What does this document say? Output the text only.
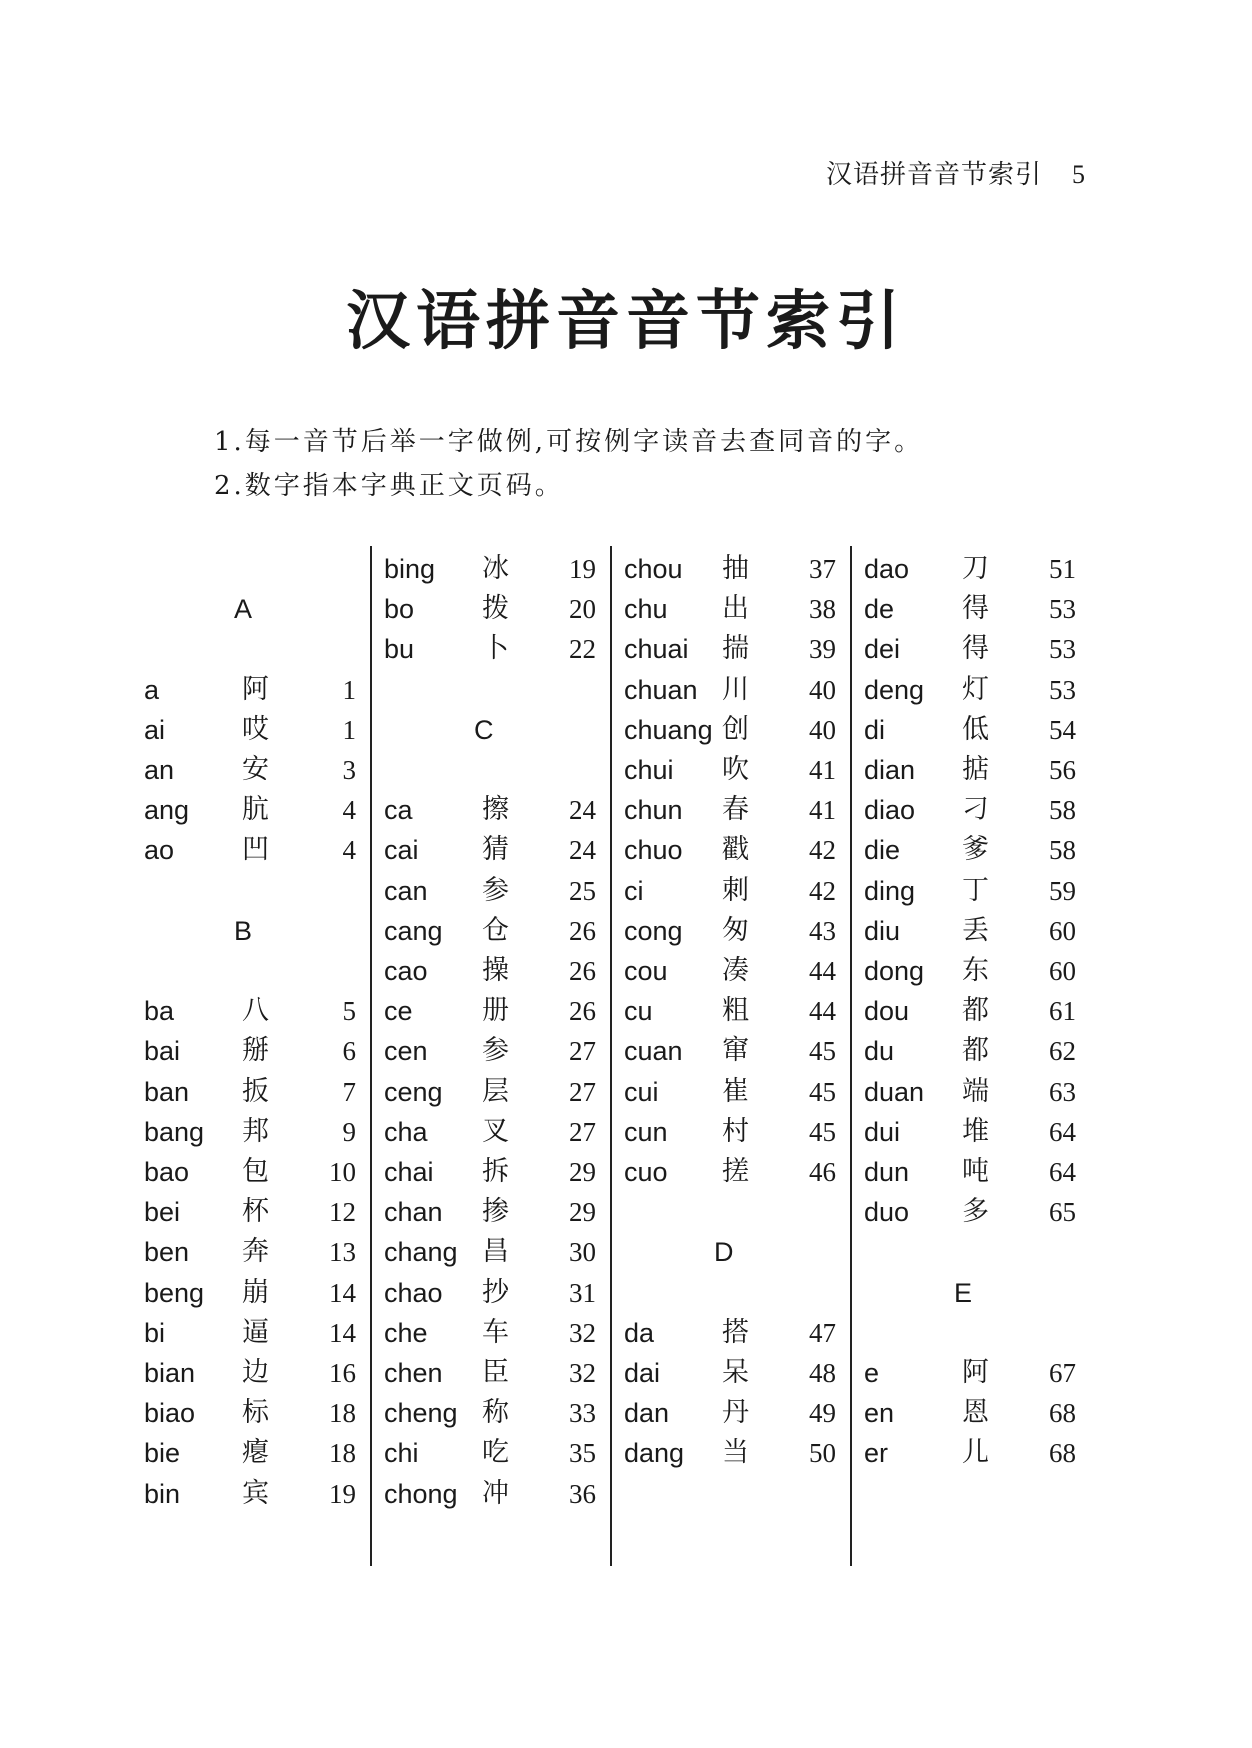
汉语拼音音节索引 5
汉语拼音音节索引
1.每一音节后举一字做例,可按例字读音去查同音的字。
2.数字指本字典正文页码。
A
a	阿	1
ai	哎	1
an	安	3
ang 肮	4
ao	凹	4
B
ba	八	5
bai 掰	6
ban 扳	7
bang 邦	9
bao 包 10
bei 杯 12
ben 奔 13
beng 崩 14
bi	逼 14
bian 边 16
biao 标 18
bie 瘪 18
bin 宾 19
bing 冰 19
bo	拨 20
bu	卜 22
C
ca	擦 24
cai 猜 24
can 参 25
cang 仓 26
cao 操 26
ce	册 26
cen 参 27
ceng 层 27
cha 叉 27
chai 拆 29
chan 掺 29
chang 昌 30
chao 抄 31
che 车 32
chen 臣 32
cheng 称 33
chi 吃 35
chong 冲 36
chou 抽 37
chu 出 38
chuai 揣 39
chuan 川 40
chuang 创 40
chui 吹 41
chun 春 41
chuo 戳 42
ci	刺 42
cong 匆 43
cou 凑 44
cu	粗 44
cuan 窜 45
cui 崔 45
cun 村 45
cuo 搓 46
D
da	搭 47
dai 呆 48
dan 丹 49
dang 当 50
dao 刀 51
de	得 53
dei 得 53
deng 灯 53
di	低 54
dian 掂 56
diao 刁 58
die 爹 58
ding 丁 59
diu 丢 60
dong 东 60
dou 都 61
du	都 62
duan 端 63
dui 堆 64
dun 吨 64
duo 多 65
E
e	阿 67
en	恩 68
er	儿 68
